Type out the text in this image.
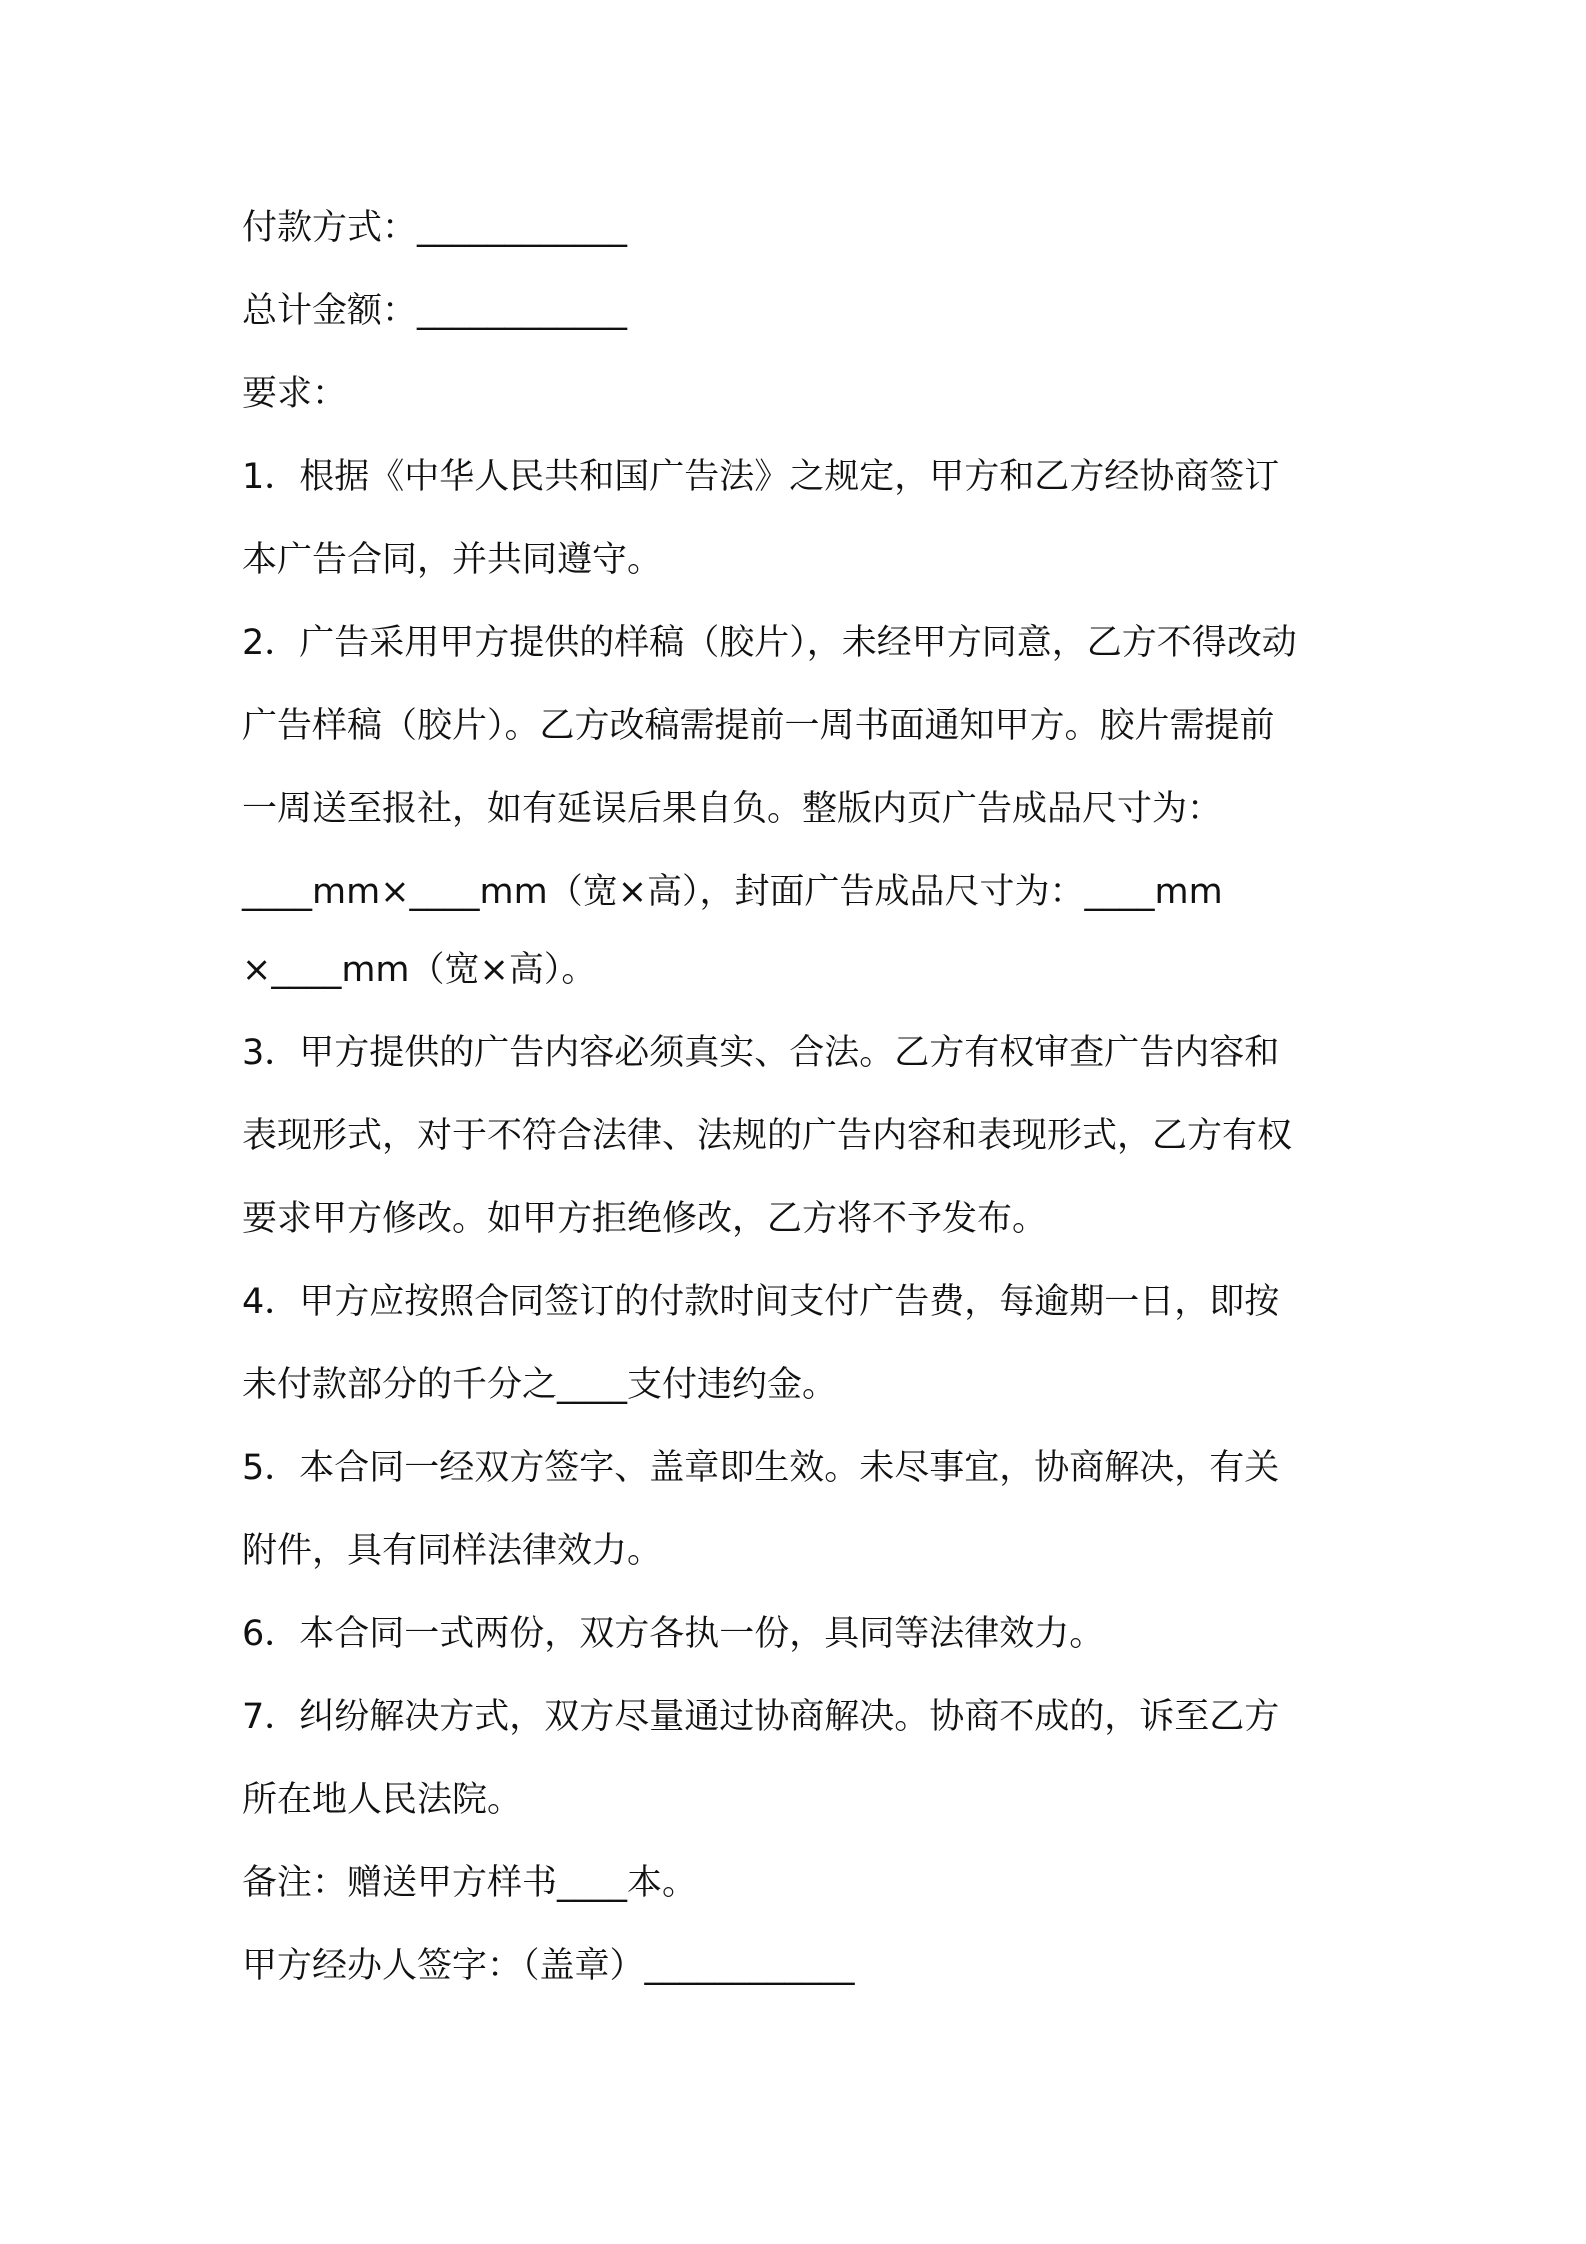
付款方式：____________

总计金额：____________

要求：

1．根据《中华人民共和国广告法》之规定，甲方和乙方经协商签订

本广告合同，并共同遵守。

2．广告采用甲方提供的样稿（胶片），未经甲方同意，乙方不得改动

广告样稿（胶片）。乙方改稿需提前一周书面通知甲方。胶片需提前

一周送至报社，如有延误后果自负。整版内页广告成品尺寸为：

____mm×____mm（宽×高），封面广告成品尺寸为：____mm

×____mm（宽×高）。

3．甲方提供的广告内容必须真实、合法。乙方有权审查广告内容和

表现形式，对于不符合法律、法规的广告内容和表现形式，乙方有权

要求甲方修改。如甲方拒绝修改，乙方将不予发布。

4．甲方应按照合同签订的付款时间支付广告费，每逾期一日，即按

未付款部分的千分之____支付违约金。

5．本合同一经双方签字、盖章即生效。未尽事宜，协商解决，有关

附件，具有同样法律效力。

6．本合同一式两份，双方各执一份，具同等法律效力。

7．纠纷解决方式，双方尽量通过协商解决。协商不成的，诉至乙方

所在地人民法院。

备注：赠送甲方样书____本。

甲方经办人签字：（盖章）____________
